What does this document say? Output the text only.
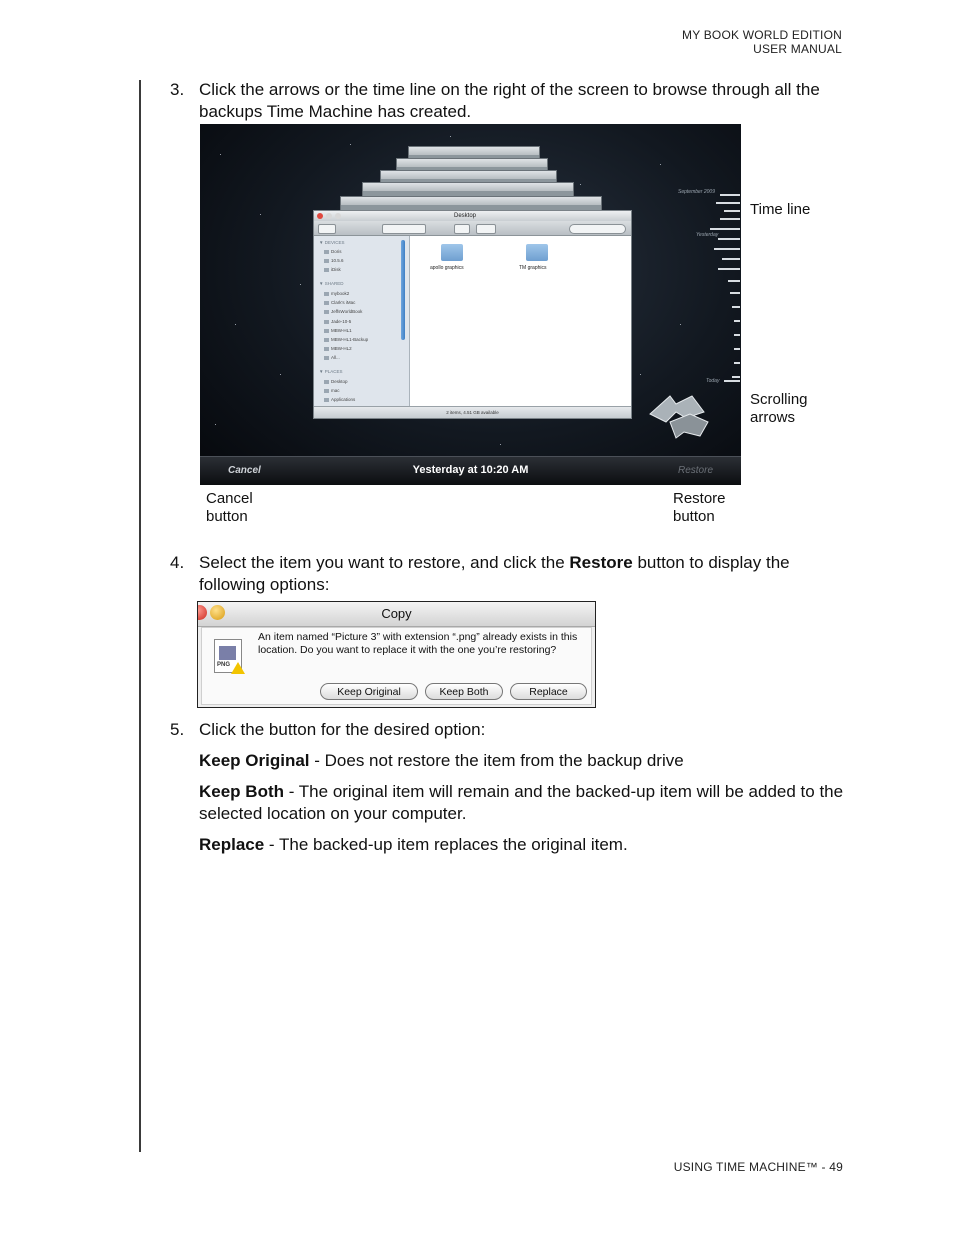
MY BOOK WORLD EDITION
USER MANUAL
3. Click the arrows or the time line on the right of the screen to browse through all the backups Time Machine has created.
Desktop
▼ DEVICES
Doris
10.5.6
iDisk
▼ SHARED
mybook2
Clark's iMac
JeffsWorldBook
Jade-10-5
MBW-HL1
MBW-HL1-Backup
MBW-HL2
All...
▼ PLACES
Desktop
mac
Applications
apollo graphics	TM graphics
2 items, 4.51 GB available
September 2009
Yesterday
Today
Cancel	Yesterday at 10:20 AM	Restore
Time line
Scrolling
arrows
Cancel
button
Restore
button
4. Select the item you want to restore, and click the Restore button to display the following options:
Copy
PNG
An item named “Picture 3” with extension “.png” already exists in this location. Do you want to replace it with the one you’re restoring?
Keep Original	Keep Both	Replace
5. Click the button for the desired option:
Keep Original - Does not restore the item from the backup drive
Keep Both - The original item will remain and the backed-up item will be added to the selected location on your computer.
Replace - The backed-up item replaces the original item.
USING TIME MACHINE™ - 49
